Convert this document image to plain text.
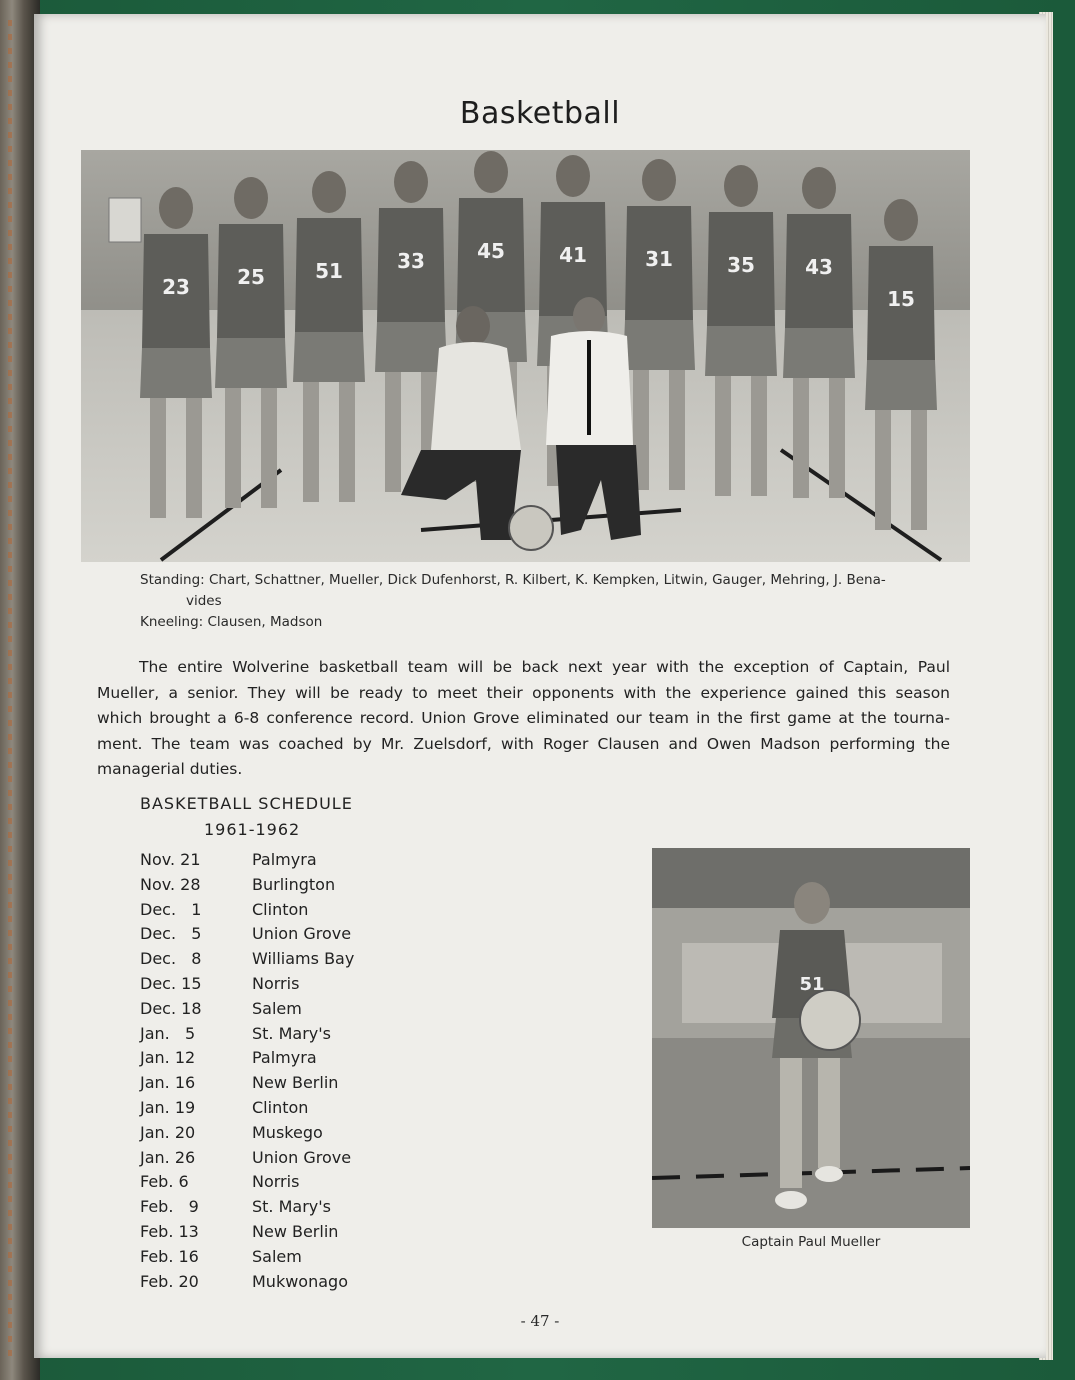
Basketball
23 25	51	33	45	41	31	35	43
15
Standing: Chart, Schattner, Mueller, Dick Dufenhorst, R. Kilbert, K. Kempken, Litwin, Gauger, Mehring, J. Bena-
vides
Kneeling: Clausen, Madson
The entire Wolverine basketball team will be back next year with the exception of Captain, Paul
Mueller, a senior. They will be ready to meet their opponents with the experience gained this season
which brought a 6-8 conference record. Union Grove eliminated our team in the first game at the tourna-
ment. The team was coached by Mr. Zuelsdorf, with Roger Clausen and Owen Madson performing the
managerial duties.
BASKETBALL SCHEDULE
1961-1962
Nov. 21	Palmyra
Nov. 28	Burlington
Dec.   1	Clinton
Dec.   5	Union Grove
Dec.   8	Williams Bay
Dec. 15	Norris
Dec. 18	Salem
Jan.   5	St. Mary's
Jan. 12	Palmyra
Jan. 16	New Berlin
Jan. 19	Clinton
Jan. 20	Muskego
Jan. 26	Union Grove
Feb. 6	Norris
Feb.   9	St. Mary's
Feb. 13	New Berlin
Feb. 16	Salem
Feb. 20	Mukwonago
51
Captain Paul Mueller
- 47 -
